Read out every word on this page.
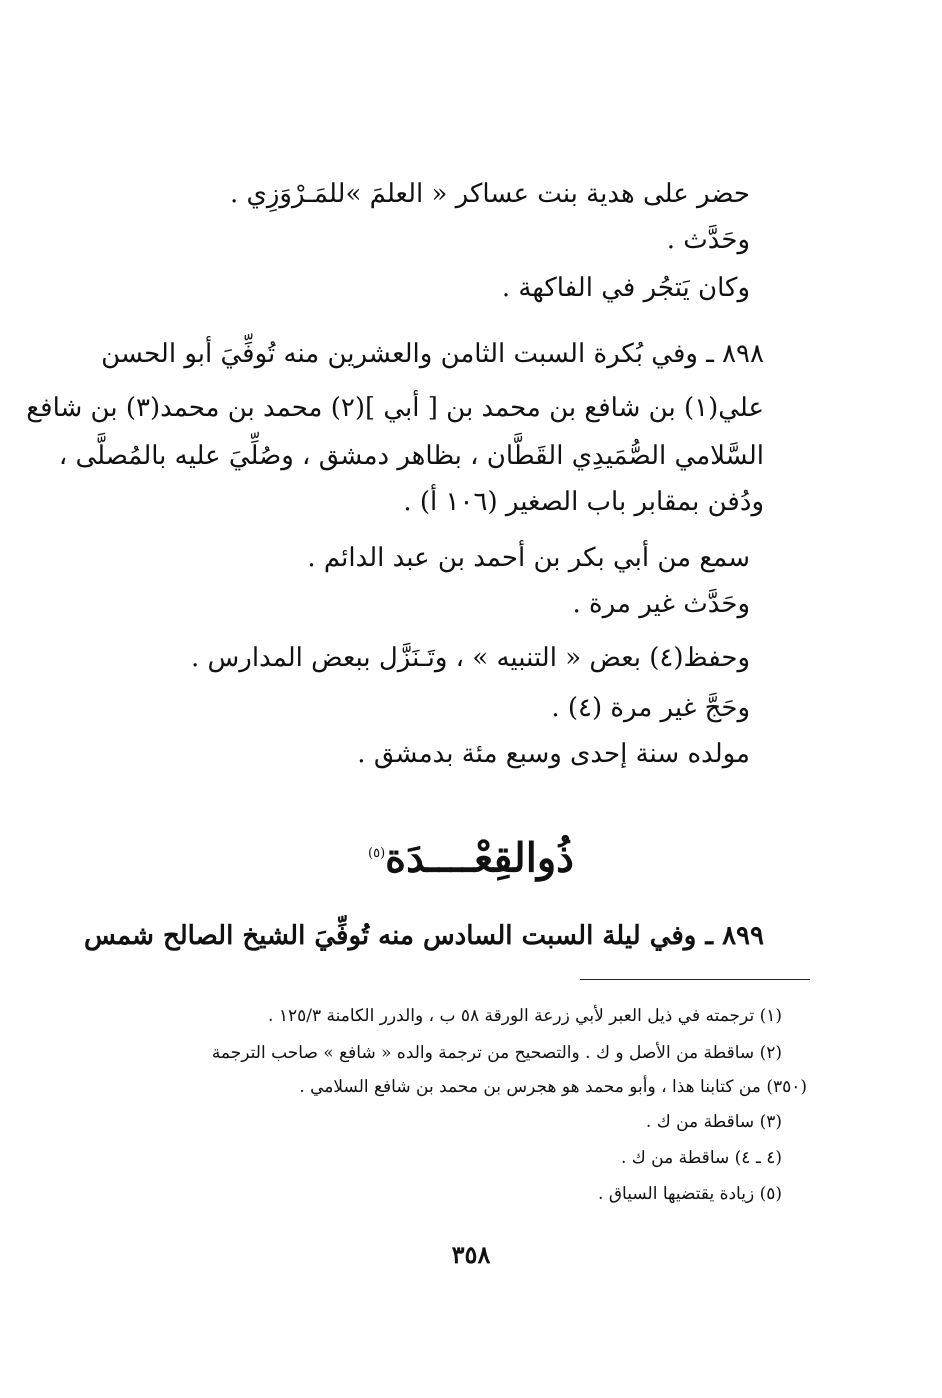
حضر على هدية بنت عساكر « العلمَ »للمَـرْوَزِي .
وحَدَّث .
وكان يَتجُر في الفاكهة .
٨٩٨ ـ وفي بُكرة السبت الثامن والعشرين منه تُوفِّيَ أبو الحسن
علي(١) بن شافع بن محمد بن [ أبي ](٢) محمد بن محمد(٣) بن شافع
السَّلامي الصُّمَيدِي القَطَّان ، بظاهر دمشق ، وصُلِّيَ عليه بالمُصلَّى ،
ودُفن بمقابر باب الصغير (١٠٦ أ) .
سمع من أبي بكر بن أحمد بن عبد الدائم .
وحَدَّث غير مرة .
وحفظ(٤) بعض « التنبيه » ، وتَـنَزَّل ببعض المدارس .
وحَجَّ غير مرة (٤) .
مولده سنة إحدى وسبع مئة بدمشق .
ذُوالقِعْــــدَة$^{(٥)}$
٨٩٩ ـ وفي ليلة السبت السادس منه تُوفِّيَ الشيخ الصالح شمس
(١) ترجمته في ذيل العبر لأبي زرعة الورقة ٥٨ ب ، والدرر الكامنة ١٢٥/٣ .
(٢) ساقطة من الأصل و ك . والتصحيح من ترجمة والده « شافع » صاحب الترجمة
(٣٥٠) من كتابنا هذا ، وأبو محمد هو هجرس بن محمد بن شافع السلامي .
(٣) ساقطة من ك .
(٤ ـ ٤) ساقطة من ك .
(٥) زيادة يقتضيها السياق .
٣٥٨
